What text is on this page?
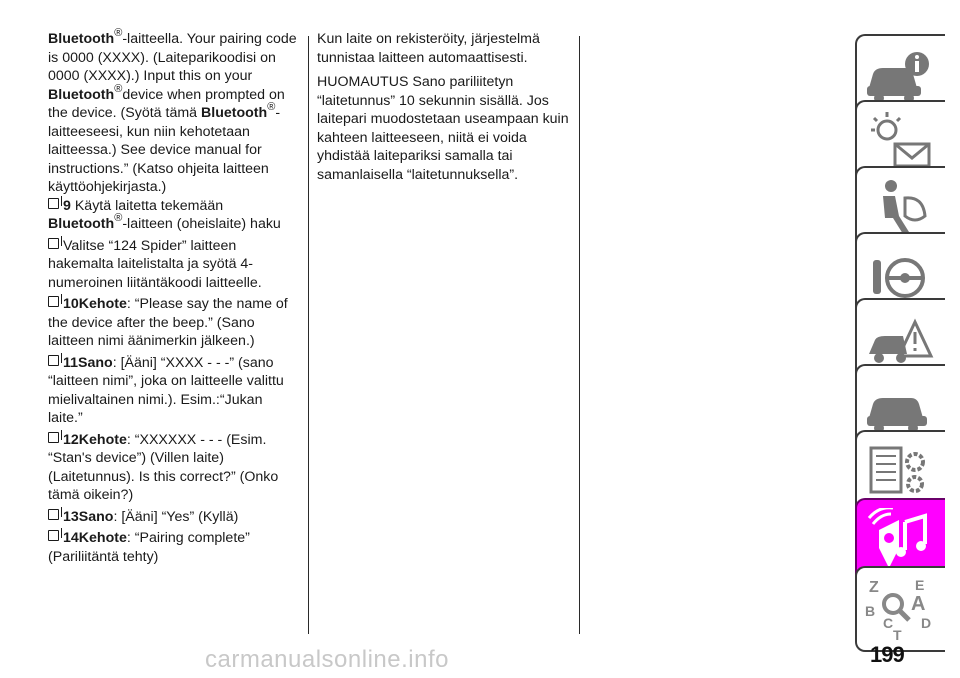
Bluetooth®-laitteella. Your pairing code is 0000 (XXXX). (Laiteparikoodisi on 0000 (XXXX).) Input this on your Bluetooth®device when prompted on the device. (Syötä tämä Bluetooth®-laitteeseesi, kun niin kehotetaan laitteessa.) See device manual for instructions.” (Katso ohjeita laitteen käyttöohjekirjasta.)

9 Käytä laitetta tekemään Bluetooth®-laitteen (oheislaite) haku

Valitse “124 Spider” laitteen hakemalta laitelistalta ja syötä 4-numeroinen liitäntäkoodi laitteelle.

10Kehote: “Please say the name of the device after the beep.” (Sano laitteen nimi äänimerkin jälkeen.)

11Sano: [Ääni] “XXXX - - -” (sano “laitteen nimi”, joka on laitteelle valittu mielivaltainen nimi.). Esim.:“Jukan laite.”

12Kehote: “XXXXXX - - - (Esim. “Stan's device”) (Villen laite) (Laitetunnus). Is this correct?” (Onko tämä oikein?)

13Sano: [Ääni] “Yes” (Kyllä)

14Kehote: “Pairing complete” (Pariliitäntä tehty)

Kun laite on rekisteröity, järjestelmä tunnistaa laitteen automaattisesti.

HUOMAUTUS Sano pariliitetyn “laitetunnus” 10 sekunnin sisällä. Jos laitepari muodostetaan useampaan kuin kahteen laitteeseen, niitä ei voida yhdistää laitepariksi samalla tai samanlaisella “laitetunnuksella”.

Z	E
B A
C D
T
carmanualsonline.info	199
